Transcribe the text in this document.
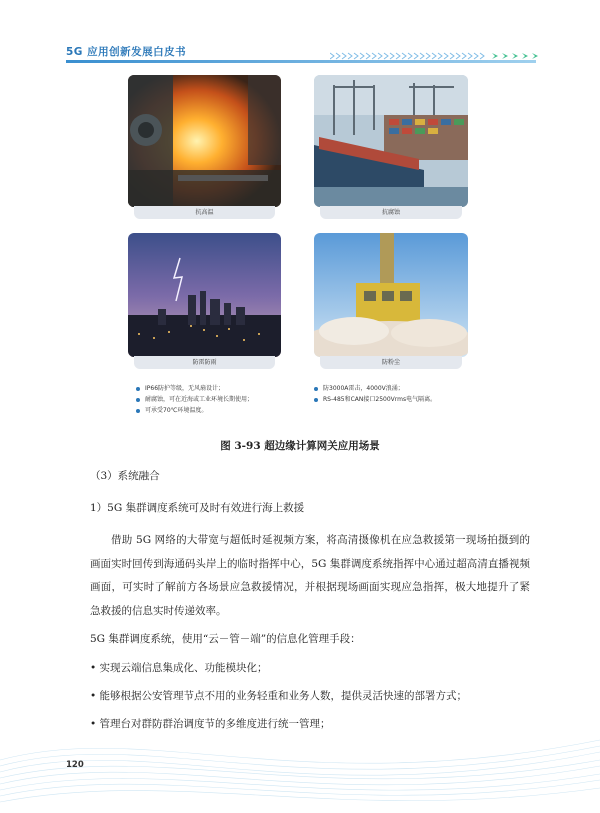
5G 应用创新发展白皮书
抗高温	抗腐蚀
防雷防雨	防粉尘
IP66防护等级，无风扇设计；
耐腐蚀，可在近海或工业环境长期使用；
可承受70℃环境温度。
防3000A雷击，4000V浪涌；
RS-485和CAN接口2500Vrms电气隔离。
图 3-93 超边缘计算网关应用场景
（3）系统融合
1）5G 集群调度系统可及时有效进行海上救援
借助 5G 网络的大带宽与超低时延视频方案，将高清摄像机在应急救援第一现场拍摄到的画面实时回传到海通码头岸上的临时指挥中心，5G 集群调度系统指挥中心通过超高清直播视频画面，可实时了解前方各场景应急救援情况，并根据现场画面实现应急指挥，极大地提升了紧急救援的信息实时传递效率。
5G 集群调度系统，使用“云－管－端”的信息化管理手段：
• 实现云端信息集成化、功能模块化；
• 能够根据公安管理节点不用的业务轻重和业务人数，提供灵活快速的部署方式；
• 管理台对群防群治调度节的多维度进行统一管理；
120
